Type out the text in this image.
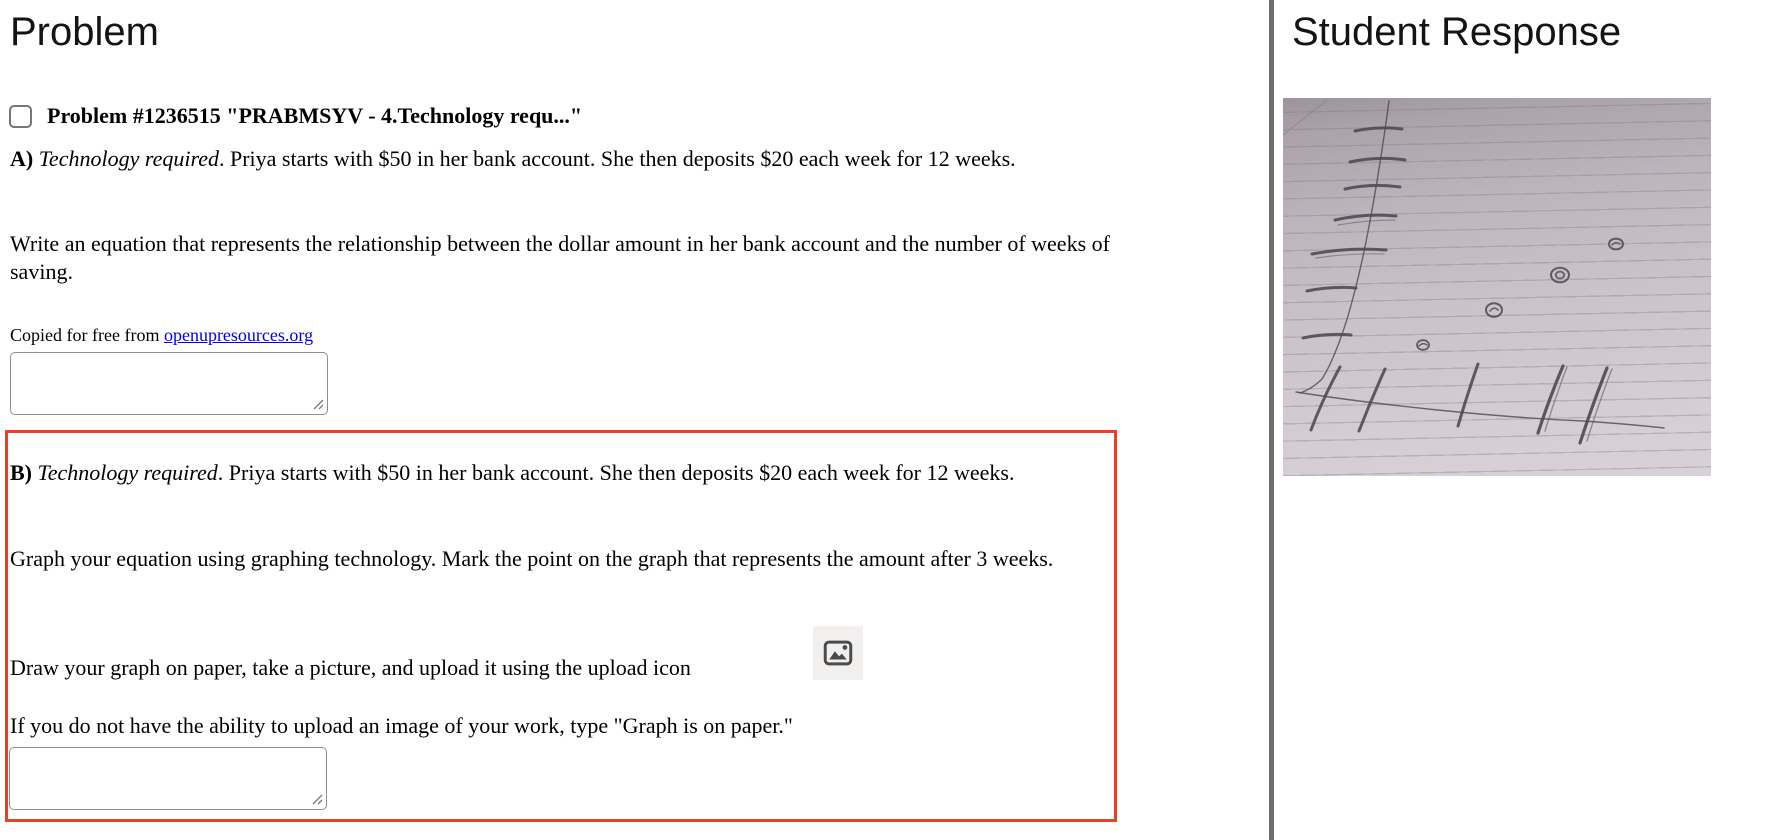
Problem
Problem #1236515 "PRABMSYV - 4.Technology requ..."

A) Technology required. Priya starts with $50 in her bank account. She then deposits $20 each week for 12 weeks.

Write an equation that represents the relationship between the dollar amount in her bank account and the number of weeks of saving.

Copied for free from openupresources.org

B) Technology required. Priya starts with $50 in her bank account. She then deposits $20 each week for 12 weeks.

Graph your equation using graphing technology. Mark the point on the graph that represents the amount after 3 weeks.

Draw your graph on paper, take a picture, and upload it using the upload icon

If you do not have the ability to upload an image of your work, type "Graph is on paper."

Student Response
